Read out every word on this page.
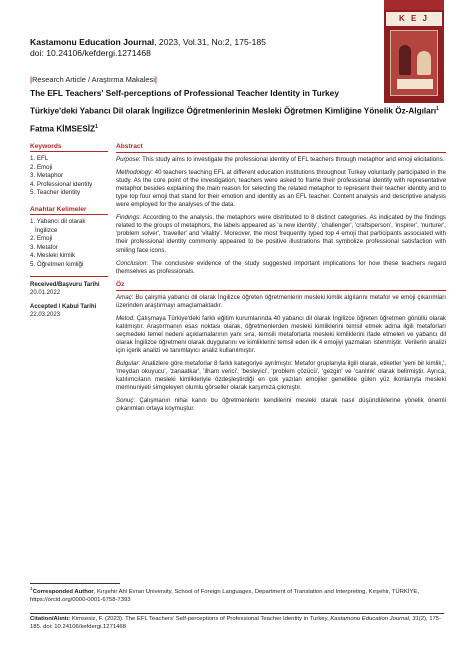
Kastamonu Education Journal, 2023, Vol.31, No:2, 175-185
doi: 10.24106/kefdergi.1271468
K E J
|Research Article / Araştırma Makalesi|
The EFL Teachers' Self-perceptions of Professional Teacher Identity in Turkey
Türkiye'deki Yabancı Dil olarak İngilizce Öğretmenlerinin Mesleki Öğretmen Kimliğine Yönelik Öz-Algıları$^1$
Fatma KİMSESİZ$^1$
Keywords
1. EFL
2. Emoji
3. Metaphor
4. Professional identity
5. Teacher identity
Anahtar Kelimeler
1. Yabancı dil olarak
İngilizce
2. Emoji
3. Metafor
4. Mesleki kimlik
5. Öğretmen kimliği
Received/Başvuru Tarihi
20.01.2022
Accepted / Kabul Tarihi
22.03.2023
Abstract

Purpose: This study aims to investigate the professional identity of EFL teachers through metaphor and emoji elicitations.

Methodology: 40 teachers teaching EFL at different education institutions throughout Turkey voluntarily participated in the study. As the core point of the investigation, teachers were asked to frame their professional identity with representative metaphor besides explaining the main reason for selecting the related metaphor to represent their teacher identity and to type top four emoji that stand for their emotion and identity as an EFL teacher. Content analysis and descriptive analysis were employed for the analyses of the data.

Findings: According to the analysis, the metaphors were distributed to 8 distinct categories. As indicated by the findings related to the groups of metaphors, the labels appeared as 'a new identity', 'challenger', 'craftsperson', 'inspirer', 'nurturer', 'problem solver', 'traveller' and 'vitality'. Moreover, the most frequently typed top 4 emoji that participants associated with their professional identity commonly appeared to be positive illustrations that symbolize professional satisfaction with smiling face icons.

Conclusion: The conclusive evidence of the study suggested important implications for how these teachers regard themselves as professionals.

Öz

Amaç: Bu çalışma yabancı dil olarak İngilizce öğreten öğretmenlerin mesleki kimlik algılarını metafor ve emoji çıkarımları üzerinden araştırmayı amaçlamaktadır.

Metod: Çalışmaya Türkiye'deki farklı eğitim kurumlarında 40 yabancı dil olarak İngilizce öğreten öğretmen gönüllü olarak katılmıştır. Araştırmanın esas noktası olarak, öğretmenlerden mesleki kimliklerini temsil etmek adına ilgili metaforları seçmedeki temel nedeni açıklamalarının yanı sıra, temsili metaforlarla mesleki kimliklerini ifade etmeleri ve yabancı dil olarak İngilizce öğretmeni olarak duygularını ve kimliklerini temsil eden ilk 4 emojiyi yazmaları istenmiştir. Verilerin analizi için içerik analizi ve tanımlayıcı analiz kullanılmıştır.

Bulgular: Analizlere göre metaforlar 8 farklı kategoriye ayrılmıştır. Metafor gruplarıyla ilgili olarak, etiketler 'yeni bir kimlik,', 'meydan okuyucu', 'zanaatkar', 'ilham verici', 'besleyici', 'problem çözücü', 'gezgin' ve 'canlılık' olarak belirmiştir. Ayrıca, katılımcıların mesleki kimlikleriyle özdeşleştirdiği en çok yazılan emojiler genellikle gülen yüz ikonlarıyla mesleki memnuniyeti simgeleyen olumlu görseller olarak karşımıza çıkmıştır.

Sonuç: Çalışmanın nihai kanıtı bu öğretmenlerin kendilerini mesleki olarak nasıl düşündüklerine yönelik önemli çıkarımları ortaya koymuştur.

$^1$Corresponded Author, Kırşehir Ahi Evran University, School of Foreign Languages, Department of Translation and Interpreting, Kırşehir, TÜRKİYE,
https://orcid.org/0000-0001-6758-7393
Citation/Alıntı: Kimsesiz, F. (2023). The EFL Teachers' Self-perceptions of Professional Teacher Identity in Turkey, Kastamonu Education Journal, 31(2), 175-185. doi: 10.24106/kefdergi.1271468
